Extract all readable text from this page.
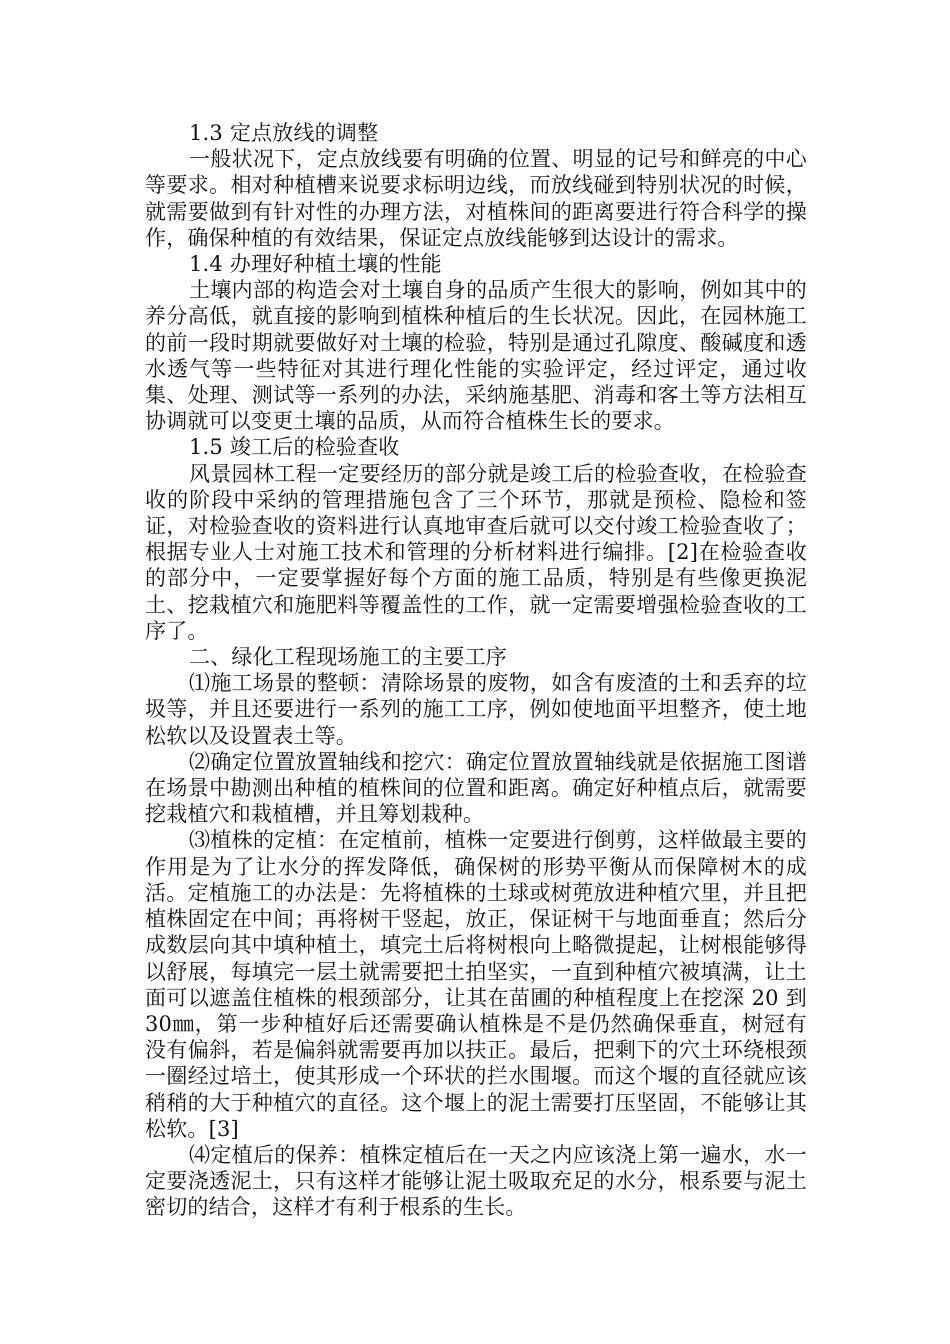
1.3 定点放线的调整

一般状况下，定点放线要有明确的位置、明显的记号和鲜亮的中心等要求。相对种植槽来说要求标明边线，而放线碰到特别状况的时候，就需要做到有针对性的办理方法，对植株间的距离要进行符合科学的操作，确保种植的有效结果，保证定点放线能够到达设计的需求。

1.4 办理好种植土壤的性能

土壤内部的构造会对土壤自身的品质产生很大的影响，例如其中的养分高低，就直接的影响到植株种植后的生长状况。因此，在园林施工的前一段时期就要做好对土壤的检验，特别是通过孔隙度、酸碱度和透水透气等一些特征对其进行理化性能的实验评定，经过评定，通过收集、处理、测试等一系列的办法，采纳施基肥、消毒和客土等方法相互协调就可以变更土壤的品质，从而符合植株生长的要求。

1.5 竣工后的检验查收

风景园林工程一定要经历的部分就是竣工后的检验查收，在检验查收的阶段中采纳的管理措施包含了三个环节，那就是预检、隐检和签证，对检验查收的资料进行认真地审查后就可以交付竣工检验查收了；根据专业人士对施工技术和管理的分析材料进行编排。[2]在检验查收的部分中，一定要掌握好每个方面的施工品质，特别是有些像更换泥土、挖栽植穴和施肥料等覆盖性的工作，就一定需要增强检验查收的工序了。

二、绿化工程现场施工的主要工序

⑴施工场景的整顿：清除场景的废物，如含有废渣的土和丢弃的垃圾等，并且还要进行一系列的施工工序，例如使地面平坦整齐，使土地松软以及设置表土等。

⑵确定位置放置轴线和挖穴：确定位置放置轴线就是依据施工图谱在场景中勘测出种植的植株间的位置和距离。确定好种植点后，就需要挖栽植穴和栽植槽，并且筹划栽种。

⑶植株的定植：在定植前，植株一定要进行倒剪，这样做最主要的作用是为了让水分的挥发降低，确保树的形势平衡从而保障树木的成活。定植施工的办法是：先将植株的土球或树蔸放进种植穴里，并且把植株固定在中间；再将树干竖起，放正，保证树干与地面垂直；然后分成数层向其中填种植土，填完土后将树根向上略微提起，让树根能够得以舒展，每填完一层土就需要把土拍坚实，一直到种植穴被填满，让土面可以遮盖住植株的根颈部分，让其在苗圃的种植程度上在挖深 20 到 30㎜，第一步种植好后还需要确认植株是不是仍然确保垂直，树冠有没有偏斜，若是偏斜就需要再加以扶正。最后，把剩下的穴土环绕根颈一圈经过培土，使其形成一个环状的拦水围堰。而这个堰的直径就应该稍稍的大于种植穴的直径。这个堰上的泥土需要打压坚固，不能够让其松软。[3]

⑷定植后的保养：植株定植后在一天之内应该浇上第一遍水，水一定要浇透泥土，只有这样才能够让泥土吸取充足的水分，根系要与泥土密切的结合，这样才有利于根系的生长。
